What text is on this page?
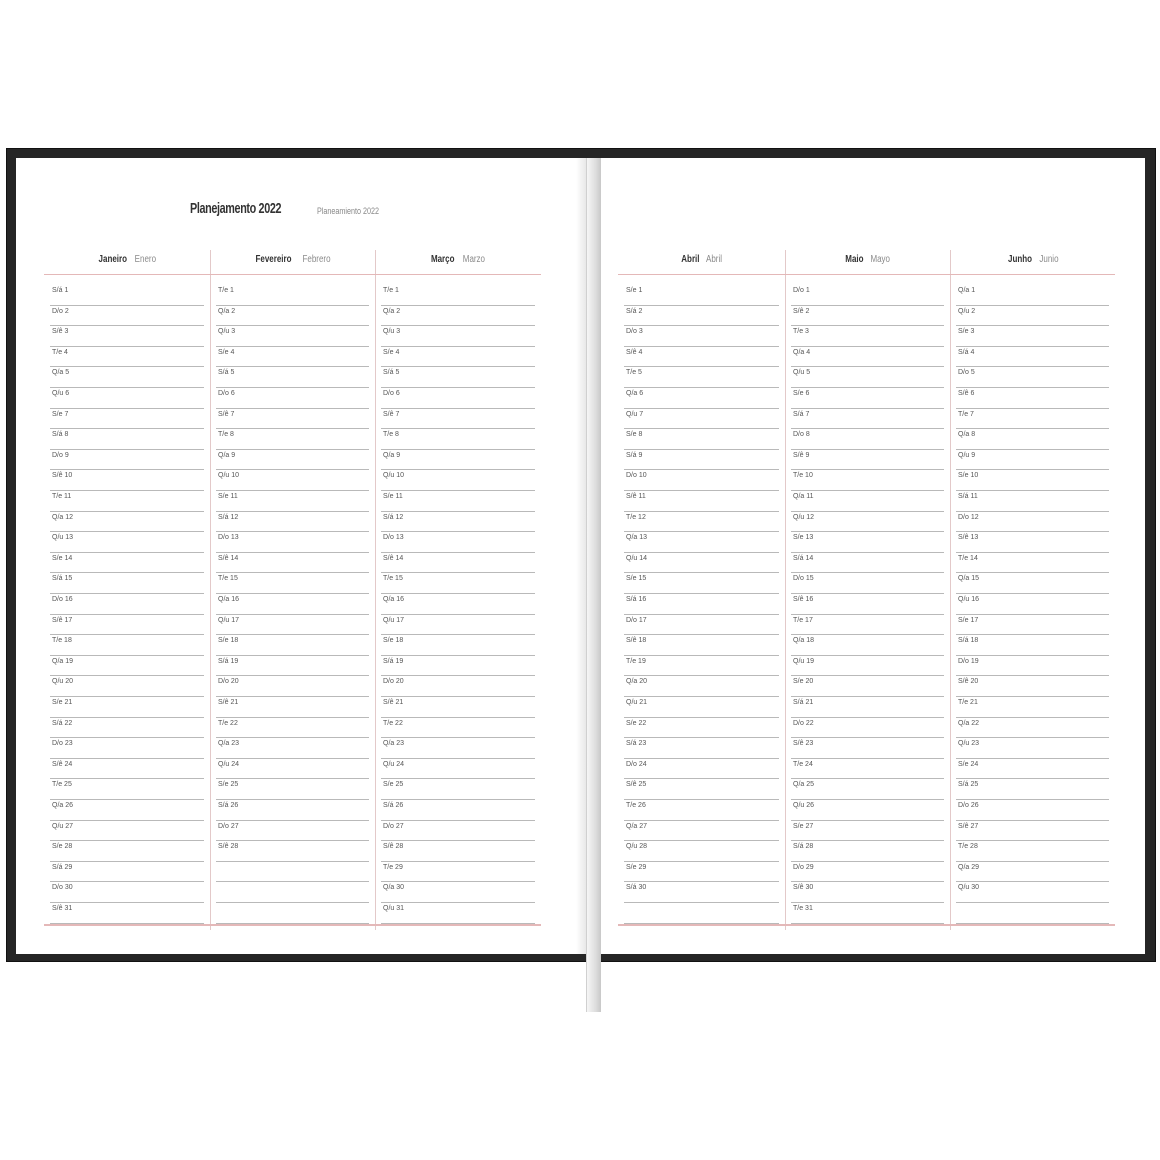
Planejamento 2022	Planeamiento 2022
Janeiro Enero
S/á 1
D/o 2
S/ê 3
T/e 4
Q/a 5
Q/u 6
S/e 7
S/á 8
D/o 9
S/ê 10
T/e 11
Q/a 12
Q/u 13
S/e 14
S/á 15
D/o 16
S/ê 17
T/e 18
Q/a 19
Q/u 20
S/e 21
S/á 22
D/o 23
S/ê 24
T/e 25
Q/a 26
Q/u 27
S/e 28
S/á 29
D/o 30
S/ê 31
Fevereiro Febrero
T/e 1
Q/a 2
Q/u 3
S/e 4
S/á 5
D/o 6
S/ê 7
T/e 8
Q/a 9
Q/u 10
S/e 11
S/á 12
D/o 13
S/ê 14
T/e 15
Q/a 16
Q/u 17
S/e 18
S/á 19
D/o 20
S/ê 21
T/e 22
Q/a 23
Q/u 24
S/e 25
S/á 26
D/o 27
S/ê 28
Março Marzo
T/e 1
Q/a 2
Q/u 3
S/e 4
S/á 5
D/o 6
S/ê 7
T/e 8
Q/a 9
Q/u 10
S/e 11
S/á 12
D/o 13
S/ê 14
T/e 15
Q/a 16
Q/u 17
S/e 18
S/á 19
D/o 20
S/ê 21
T/e 22
Q/a 23
Q/u 24
S/e 25
S/á 26
D/o 27
S/ê 28
T/e 29
Q/a 30
Q/u 31
Abril Abril
S/e 1
S/á 2
D/o 3
S/ê 4
T/e 5
Q/a 6
Q/u 7
S/e 8
S/á 9
D/o 10
S/ê 11
T/e 12
Q/a 13
Q/u 14
S/e 15
S/á 16
D/o 17
S/ê 18
T/e 19
Q/a 20
Q/u 21
S/e 22
S/á 23
D/o 24
S/ê 25
T/e 26
Q/a 27
Q/u 28
S/e 29
S/á 30
Maio Mayo
D/o 1
S/ê 2
T/e 3
Q/a 4
Q/u 5
S/e 6
S/á 7
D/o 8
S/ê 9
T/e 10
Q/a 11
Q/u 12
S/e 13
S/á 14
D/o 15
S/ê 16
T/e 17
Q/a 18
Q/u 19
S/e 20
S/á 21
D/o 22
S/ê 23
T/e 24
Q/a 25
Q/u 26
S/e 27
S/á 28
D/o 29
S/ê 30
T/e 31
Junho Junio
Q/a 1
Q/u 2
S/e 3
S/á 4
D/o 5
S/ê 6
T/e 7
Q/a 8
Q/u 9
S/e 10
S/á 11
D/o 12
S/ê 13
T/e 14
Q/a 15
Q/u 16
S/e 17
S/á 18
D/o 19
S/ê 20
T/e 21
Q/a 22
Q/u 23
S/e 24
S/á 25
D/o 26
S/ê 27
T/e 28
Q/a 29
Q/u 30
